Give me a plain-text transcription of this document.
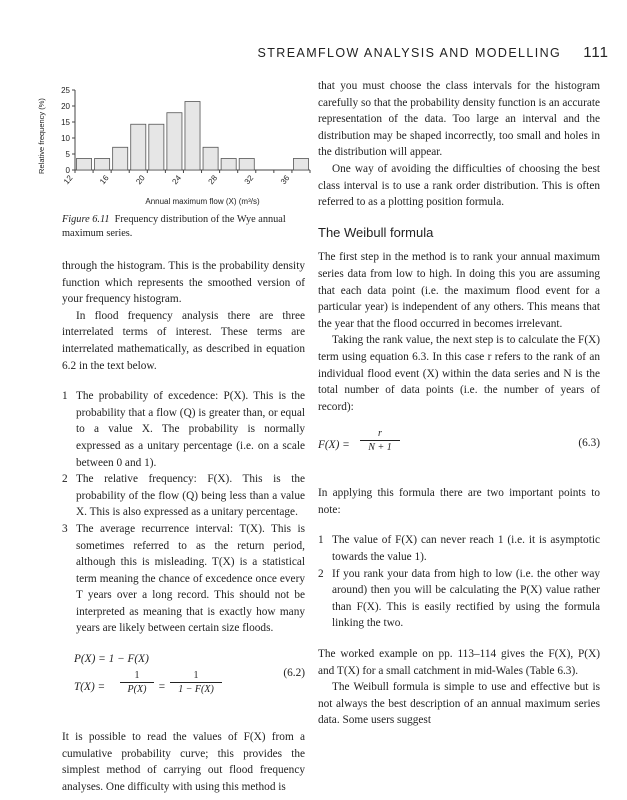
STREAMFLOW ANALYSIS AND MODELLING 111
0
5
10
15
20
25
12	16	20	24	28	32	36
Annual maximum flow (X) (m³/s)
Relative frequency (%)
Figure 6.11 Frequency distribution of the Wye annual maximum series.

through the histogram. This is the probability density function which represents the smoothed version of your frequency histogram.

In flood frequency analysis there are three interrelated terms of interest. These terms are interrelated mathematically, as described in equation 6.2 in the text below.

1 The probability of excedence: P(X). This is the probability that a flow (Q) is greater than, or equal to a value X. The probability is normally expressed as a unitary percentage (i.e. on a scale between 0 and 1).
2 The relative frequency: F(X). This is the probability of the flow (Q) being less than a value X. This is also expressed as a unitary percentage.
3 The average recurrence interval: T(X). This is sometimes referred to as the return period, although this is misleading. T(X) is a statistical term meaning the chance of excedence once every T years over a long record. This should not be interpreted as meaning that is exactly how many years are likely between certain size floods.
P(X) = 1 − F(X)
$T(X) = \frac{1}{P(X)} = \frac{1}{1 - F(X)}$	(6.2)

It is possible to read the values of F(X) from a cumulative probability curve; this provides the simplest method of carrying out flood frequency analyses. One difficulty with using this method is

that you must choose the class intervals for the histogram carefully so that the probability density function is an accurate representation of the data. Too large an interval and the distribution may be shaped incorrectly, too small and holes in the distribution will appear.

One way of avoiding the difficulties of choosing the best class interval is to use a rank order distribution. This is often referred to as a plotting position formula.

The Weibull formula

The first step in the method is to rank your annual maximum series data from low to high. In doing this you are assuming that each data point (i.e. the maximum flood event for a particular year) is independent of any others. This means that the year that the flood occurred in becomes irrelevant.

Taking the rank value, the next step is to calculate the F(X) term using equation 6.3. In this case r refers to the rank of an individual flood event (X) within the data series and N is the total number of data points (i.e. the number of years of record):

$F(X) = \frac{r}{N + 1}$	(6.3)

In applying this formula there are two important points to note:

1 The value of F(X) can never reach 1 (i.e. it is asymptotic towards the value 1).
2 If you rank your data from high to low (i.e. the other way around) then you will be calculating the P(X) value rather than F(X). This is easily rectified by using the formula linking the two.

The worked example on pp. 113–114 gives the F(X), P(X) and T(X) for a small catchment in mid-Wales (Table 6.3).

The Weibull formula is simple to use and effective but is not always the best description of an annual maximum series data. Some users suggest
